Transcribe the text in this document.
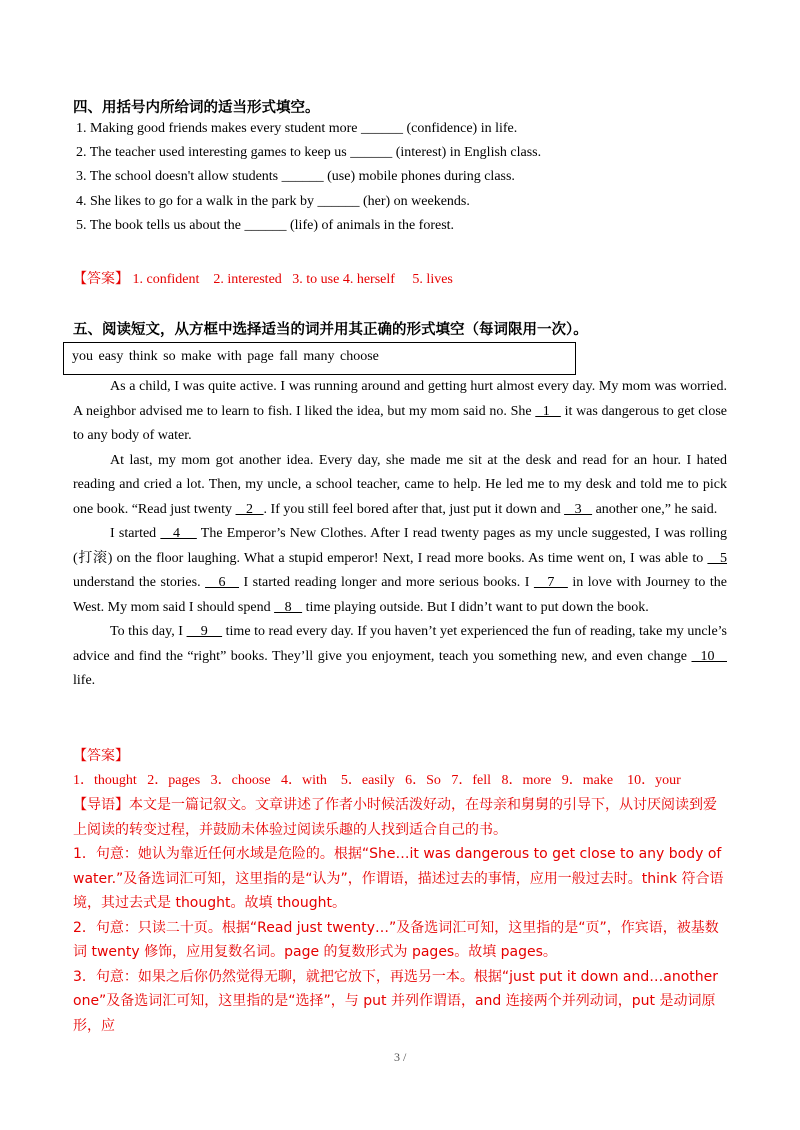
四、用括号内所给词的适当形式填空。
1. Making good friends makes every student more ______ (confidence) in life.
2. The teacher used interesting games to keep us ______ (interest) in English class.
3. The school doesn't allow students ______ (use) mobile phones during class.
4. She likes to go for a walk in the park by ______ (her) on weekends.
5. The book tells us about the ______ (life) of animals in the forest.
【答案】 1. confident    2. interested   3. to use 4. herself     5. lives
五、阅读短文，从方框中选择适当的词并用其正确的形式填空（每词限用一次）。
you easy think so make with page fall many choose

As a child, I was quite active. I was running around and getting hurt almost every day. My mom was worried. A neighbor advised me to learn to fish. I liked the idea, but my mom said no. She   1    it was dangerous to get close to any body of water.

At last, my mom got another idea. Every day, she made me sit at the desk and read for an hour. I hated reading and cried a lot. Then, my uncle, a school teacher, came to help. He led me to my desk and told me to pick one book. “Read just twenty    2   . If you still feel bored after that, just put it down and    3    another one,” he said.

I started    4     The Emperor’s New Clothes. After I read twenty pages as my uncle suggested, I was rolling (打滚) on the floor laughing. What a stupid emperor! Next, I read more books. As time went on, I was able to    5 understand the stories.    6    I started reading longer and more serious books. I    7    in love with Journey to the West. My mom said I should spend    8    time playing outside. But I didn’t want to put down the book.

To this day, I     9     time to read every day. If you haven’t yet experienced the fun of reading, take my uncle’s advice and find the “right” books. They’ll give you enjoyment, teach you something new, and even change   10    life.

【答案】

1．thought   2．pages   3．choose   4．with    5．easily   6．So   7．fell   8．more   9．make    10．your

【导语】本文是一篇记叙文。文章讲述了作者小时候活泼好动，在母亲和舅舅的引导下，从讨厌阅读到爱上阅读的转变过程，并鼓励未体验过阅读乐趣的人找到适合自己的书。

1．句意：她认为靠近任何水域是危险的。根据“She…it was dangerous to get close to any body of water.”及备选词汇可知，这里指的是“认为”，作谓语，描述过去的事情，应用一般过去时。think 符合语境，其过去式是 thought。故填 thought。

2．句意：只读二十页。根据“Read just twenty…”及备选词汇可知，这里指的是“页”，作宾语，被基数词 twenty 修饰，应用复数名词。page 的复数形式为 pages。故填 pages。

3．句意：如果之后你仍然觉得无聊，就把它放下，再选另一本。根据“just put it down and…another one”及备选词汇可知，这里指的是“选择”，与 put 并列作谓语，and 连接两个并列动词，put 是动词原形，应

3 /
